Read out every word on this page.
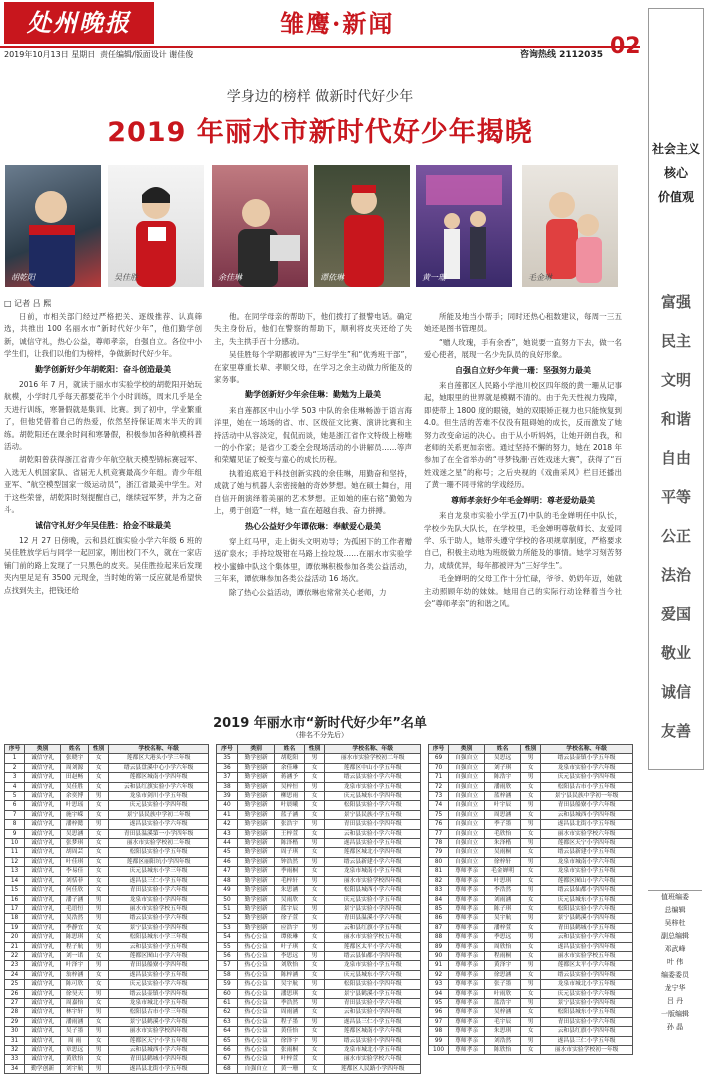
处州晚报	雏鹰·新闻
02
2019年10月13日 星期日 责任编辑/版面设计 谢佳俊	咨询热线 2112035
社会主义
核心
价值观
富强
民主
文明
和谐
自由
平等
公正
法治
爱国
敬业
诚信
友善
值班编委
总编辑
吴梓杜
副总编辑
邓武峰
叶 伟
编委委员
龙宁华
吕 丹
一版编辑
孙 晶
学身边的榜样 做新时代好少年
2019 年丽水市新时代好少年揭晓
胡乾阳	吴佳胜	余佳琳	谭依琳	黄一珊	毛金琳
□ 记者 吕 熙

日前，市相关部门经过严格把关、逐级推荐、认真筛选，共推出 100 名丽水市“新时代好少年”，他们勤学创新，诚信守礼，热心公益，尊师孝亲，自强自立。各位中小学生们，让我们以他们为榜样，争做新时代好少年。

勤学创新好少年胡乾阳：奋斗创造最美

2016 年 7 月，就读于丽水市实验学校的胡乾阳开始玩航模，小学时几乎每天都要花半个小时训练，周末几乎是全天进行训练，寒暑假就是集训、比赛。到了初中，学业繁重了，但他凭借着自己的热爱，依然坚持保证周末半天的训练。胡乾阳还在课余时间和寒暑假，积极参加各种航模科普活动。

胡乾阳曾获得浙江省青少年航空航天模型锦标赛冠军、入选无人机国家队、省届无人机竞赛最高少年组。青少年组亚军、“航空模型国家一级运动员”，浙江省最美中学生。对于这些荣誉，胡乾阳时刻提醒自己，继续冠军梦，并为之奋斗。

诚信守礼好少年吴佳胜：拾金不昧最美

12 月 27 日傍晚，云和县红旗实验小学六年级 6 班的吴佳胜放学后与同学一起回家，刚出校门不久，就在一家店铺门前的路上发现了一只黑色的皮夹。吴佳胜捡起来后发现夹内里足足有 3500 元现金，当时她的第一反应就是希望快点找到失主，把钱还给

他。在同学母亲的帮助下，他们拨打了报警电话。确定失主身份后，他们在警察的帮助下，顺利将皮夹还给了失主，失主拱手百十分感动。

吴佳胜每个学期都被评为“三好学生”和“优秀班干部”，在家里尊重长辈、孝顺父母，在学习之余主动做力所能及的家务事。

勤学创新好少年余佳琳：勤勉为上最美

来自莲都区中山小学 503 中队的余佳琳畅游于语言海洋里，她在一场场的省、市、区级征文比赛、演讲比赛和主持活动中从容淡定，侃侃而谈，她是浙江省作文特级上榜唯一的小作家；是省少工委全会现场活动的小讲解员……等声和荣耀见证了蜕变与童心的成长历程。

执着追底追于科技创新实践的余佳琳，用勤奋和坚持，成就了她与机器人亲密接触的奇妙梦想。她在硕士舞台，用自信开朗演绎着美丽的艺术梦想。正如她的座右铭“勤勉为上，勇于创造”一样，她一直在超越自我、奋力拼搏。

热心公益好少年谭依琳：奉献爱心最美

穿上红马甲，走上街头文明劝导；为孤困下的工作者赠送矿泉水；手持垃圾钳在马路上捡垃圾……在丽水市实验学校小蜜蜂中队这个集体里，谭依琳积极参加各类公益活动，三年来，谭依琳参加各类公益活动 16 场次。

除了热心公益活动，谭依琳也常常关心老师，力

所能及地当小帮手；同时还热心租数建议，每周一三五她还是图书管理员。

“赠人玫瑰，手有余香”，她说要一直努力下去，做一名爱心使者，展现一名少先队员的良好形象。

自强自立好少年黄一珊：坚强努力最美

来自莲都区人民路小学池川校区四年级的黄一珊从记事起，她眼里的世界就是模糊不清的。由于先天性视力残障，即使带上 1800 度的眼镜，她的双眼矫正视力也只能恢复到 4.0。但生活的苦难不仅没有阻碍她的成长，反而激发了她努力改变命运的决心。由于从小听妈妈，让她开朗自我，和老师的关系更加亲密。通过坚持不懈的努力，她在 2018 年参加了在全省举办的“寻梦钱潮·百姓戏迷大赛”，获得了“百姓戏迷之星”的称号；之后央视的《戏曲采风》栏目还播出了黄一珊不同寻常的学戏经历。

尊师孝亲好少年毛金婵明：尊老爱幼最美

来自龙泉市实验小学五(7)中队的毛金婵明任中队长，学校少先队大队长，在学校里，毛金婵明尊敬师长、友爱同学、乐于助人，她带头遵守学校的各项规章制度，严格要求自己，积极主动地为班级做力所能及的事情。她学习刻苦努力，成绩优异，每年都被评为“三好学生”。

毛金婵明的父母工作十分忙碌，爷爷、奶奶年迈，她就主动照顾年幼的妹妹。她用自己的实际行动诠释着当今社会“尊师孝亲”的和谐之风。

2019 年丽水市“新时代好少年”名单
（排名不分先后）
序号	类别	姓名	性别	学校名称、年级
1	诚信守礼	张晓宇	女	莲都区大港头小学三年级
2	诚信守礼	周刘源	女	缙云县盘溪中心小学六年级
3	诚信守礼	田赵畅	女	莲都区城南小学四年级
4	诚信守礼	吴佳胜	女	云和县红旗实验小学六年级
5	诚信守礼	余奕博	男	龙泉市剑川小学五年级
6	诚信守礼	叶思瑶	女	庆元县实验小学四年级
7	诚信守礼	施宇嵘	女	景宁县民族中学初二年级
8	诚信守礼	潘梓懿	男	遂昌县实验小学六年级
9	诚信守礼	吴思涵	女	青田县温溪第一小学四年级
10	诚信守礼	张梦琪	女	丽水市实验学校初二年级
11	诚信守礼	胡周芸	女	松阳县实验小学五年级
12	诚信守礼	叶佳琪	女	莲都区丽阳坑小学四年级
13	诚信守礼	李易佳	女	庆元县城东小学三年级
14	诚信守礼	刘恬菲	女	遂昌县三仁小学五年级
15	诚信守礼	何佳欣	女	青田县实验小学六年级
16	诚信守礼	潘子涵	男	龙泉市实验小学四年级
17	诚信守礼	毛语恒	男	丽水市实验学校五年级
18	诚信守礼	吴浩然	男	缙云县实验小学六年级
19	诚信守礼	季静宜	女	景宁县实验小学四年级
20	诚信守礼	陈思琪	女	松阳县城东小学三年级
21	诚信守礼	程子航	男	云和县实验小学五年级
22	诚信守礼	刘一诺	女	莲都区囿山小学六年级
23	诚信守礼	叶泽宇	男	青田县船寮小学四年级
24	诚信守礼	翁梓涵	女	遂昌县实验小学五年级
25	诚信守礼	陈可欣	女	庆元县实验小学六年级
26	诚信守礼	徐昊天	男	缙云县壶镇小学四年级
27	诚信守礼	周嘉怡	女	龙泉市城北小学五年级
28	诚信守礼	林宇轩	男	松阳县古市小学三年级
29	诚信守礼	潘雨涵	女	景宁县鹤溪小学六年级
30	诚信守礼	吴子墨	男	丽水市实验学校四年级
31	诚信守礼	周 雨	女	莲都区天宁小学五年级
32	诚信守礼	章思远	男	云和县城西小学六年级
33	诚信守礼	黄欣怡	女	青田县鹤城小学四年级
34	勤学创新	刘宇航	男	遂昌县北街小学五年级
序号	类别	姓名	性别	学校名称、年级
35	勤学创新	胡乾阳	男	丽水市实验学校初二年级
36	勤学创新	余佳琳	女	莲都区中山小学五年级
37	勤学创新	蒋涵予	女	缙云县实验小学六年级
38	勤学创新	吴梓恒	男	龙泉市实验小学五年级
39	勤学创新	柳思雨	女	庆元县城东小学四年级
40	勤学创新	叶晨曦	女	松阳县实验小学六年级
41	勤学创新	蓝子涵	女	景宁县民族小学五年级
42	勤学创新	张浩宇	男	青田县实验小学四年级
43	勤学创新	王梓萱	女	云和县实验小学六年级
44	勤学创新	陈泽楷	男	遂昌县实验小学五年级
45	勤学创新	周子琪	女	莲都区城北小学四年级
46	勤学创新	钟浩然	男	缙云县新建小学六年级
47	勤学创新	季雨桐	女	龙泉市城南小学五年级
48	勤学创新	毛梓轩	男	丽水市实验学校四年级
49	勤学创新	朱思涵	女	松阳县城西小学六年级
50	勤学创新	吴雨欣	女	庆元县实验小学五年级
51	勤学创新	蓝宇辰	男	景宁县实验小学四年级
52	勤学创新	徐子萱	女	青田县温溪小学六年级
53	勤学创新	应浩宇	男	云和县红旗小学五年级
54	热心公益	谭依琳	女	丽水市实验学校五年级
55	热心公益	叶子琪	女	莲都区太平小学六年级
56	热心公益	李思远	男	缙云县仙都小学四年级
57	热心公益	刘欣怡	女	龙泉市实验小学五年级
58	热心公益	陈梓涵	女	庆元县城东小学六年级
59	热心公益	吴宇航	男	松阳县实验小学四年级
60	热心公益	潘思琪	女	景宁县鹤溪小学五年级
61	热心公益	季浩然	男	青田县实验小学六年级
62	热心公益	周雨涵	女	云和县实验小学四年级
63	热心公益	程子墨	男	遂昌县三仁小学五年级
64	热心公益	黄佳怡	女	莲都区城南小学六年级
65	热心公益	徐泽宇	男	缙云县实验小学四年级
66	热心公益	张雨桐	女	龙泉市城北小学五年级
67	热心公益	叶梓萱	女	丽水市实验学校六年级
68	自强自立	黄一珊	女	莲都区人民路小学四年级
序号	类别	姓名	性别	学校名称、年级
69	自强自立	吴思远	男	缙云县壶镇小学五年级
70	自强自立	刘子琪	女	龙泉市实验小学六年级
71	自强自立	陈浩宇	男	庆元县实验小学四年级
72	自强自立	潘雨欣	女	松阳县古市小学五年级
73	自强自立	蓝梓涵	女	景宁县民族中学初一年级
74	自强自立	叶宇辰	男	青田县船寮小学六年级
75	自强自立	周思涵	女	云和县城西小学四年级
76	自强自立	季子墨	男	遂昌县北街小学五年级
77	自强自立	毛欣怡	女	丽水市实验学校六年级
78	自强自立	朱泽楷	男	莲都区天宁小学四年级
79	自强自立	吴雨桐	女	缙云县新建小学五年级
80	自强自立	徐梓轩	男	龙泉市城南小学六年级
81	尊师孝亲	毛金婵明	女	龙泉市实验小学五年级
82	尊师孝亲	叶思琪	女	莲都区囿山小学六年级
83	尊师孝亲	李浩然	男	缙云县仙都小学四年级
84	尊师孝亲	刘雨涵	女	庆元县城东小学五年级
85	尊师孝亲	陈子琪	女	松阳县实验小学六年级
86	尊师孝亲	吴宇航	男	景宁县鹤溪小学四年级
87	尊师孝亲	潘梓萱	女	青田县鹤城小学五年级
88	尊师孝亲	季思远	男	云和县实验小学六年级
89	尊师孝亲	周欣怡	女	遂昌县实验小学四年级
90	尊师孝亲	程雨桐	女	丽水市实验学校五年级
91	尊师孝亲	黄泽宇	男	莲都区太平小学六年级
92	尊师孝亲	徐思涵	女	缙云县实验小学四年级
93	尊师孝亲	张子墨	男	龙泉市城北小学五年级
94	尊师孝亲	叶雨欣	女	庆元县实验小学六年级
95	尊师孝亲	蓝浩宇	男	景宁县实验小学四年级
96	尊师孝亲	吴梓涵	女	松阳县城东小学五年级
97	尊师孝亲	毛宇辰	男	青田县实验小学六年级
98	尊师孝亲	朱思琪	女	云和县红旗小学四年级
99	尊师孝亲	刘浩然	男	遂昌县三仁小学五年级
100	尊师孝亲	陈欣怡	女	丽水市实验学校初一年级
